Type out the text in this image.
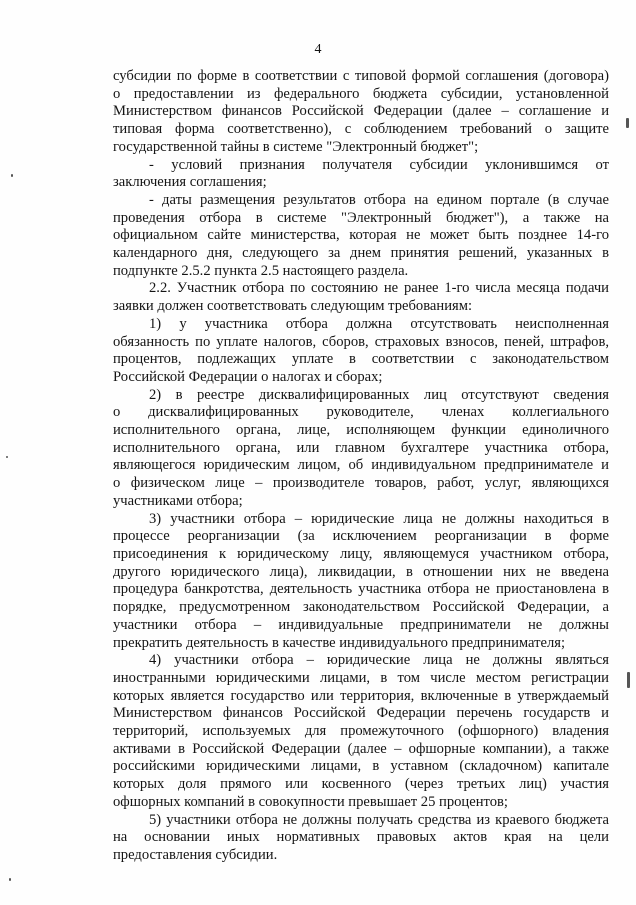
4
субсидии по форме в соответствии с типовой формой соглашения (договора)
о предоставлении из федерального бюджета субсидии, установленной
Министерством финансов Российской Федерации (далее – соглашение и
типовая форма соответственно), с соблюдением требований о защите
государственной тайны в системе "Электронный бюджет";
- условий признания получателя субсидии уклонившимся от
заключения соглашения;
- даты размещения результатов отбора на едином портале (в случае
проведения отбора в системе "Электронный бюджет"), а также на
официальном сайте министерства, которая не может быть позднее 14-го
календарного дня, следующего за днем принятия решений, указанных в
подпункте 2.5.2 пункта 2.5 настоящего раздела.
2.2. Участник отбора по состоянию не ранее 1-го числа месяца подачи
заявки должен соответствовать следующим требованиям:
1) у участника отбора должна отсутствовать неисполненная
обязанность по уплате налогов, сборов, страховых взносов, пеней, штрафов,
процентов, подлежащих уплате в соответствии с законодательством
Российской Федерации о налогах и сборах;
2) в реестре дисквалифицированных лиц отсутствуют сведения
о дисквалифицированных руководителе, членах коллегиального
исполнительного органа, лице, исполняющем функции единоличного
исполнительного органа, или главном бухгалтере участника отбора,
являющегося юридическим лицом, об индивидуальном предпринимателе и
о физическом лице – производителе товаров, работ, услуг, являющихся
участниками отбора;
3) участники отбора – юридические лица не должны находиться в
процессе реорганизации (за исключением реорганизации в форме
присоединения к юридическому лицу, являющемуся участником отбора,
другого юридического лица), ликвидации, в отношении них не введена
процедура банкротства, деятельность участника отбора не приостановлена в
порядке, предусмотренном законодательством Российской Федерации, а
участники отбора – индивидуальные предприниматели не должны
прекратить деятельность в качестве индивидуального предпринимателя;
4) участники отбора – юридические лица не должны являться
иностранными юридическими лицами, в том числе местом регистрации
которых является государство или территория, включенные в утверждаемый
Министерством финансов Российской Федерации перечень государств и
территорий, используемых для промежуточного (офшорного) владения
активами в Российской Федерации (далее – офшорные компании), а также
российскими юридическими лицами, в уставном (складочном) капитале
которых доля прямого или косвенного (через третьих лиц) участия
офшорных компаний в совокупности превышает 25 процентов;
5) участники отбора не должны получать средства из краевого бюджета
на основании иных нормативных правовых актов края на цели
предоставления субсидии.
